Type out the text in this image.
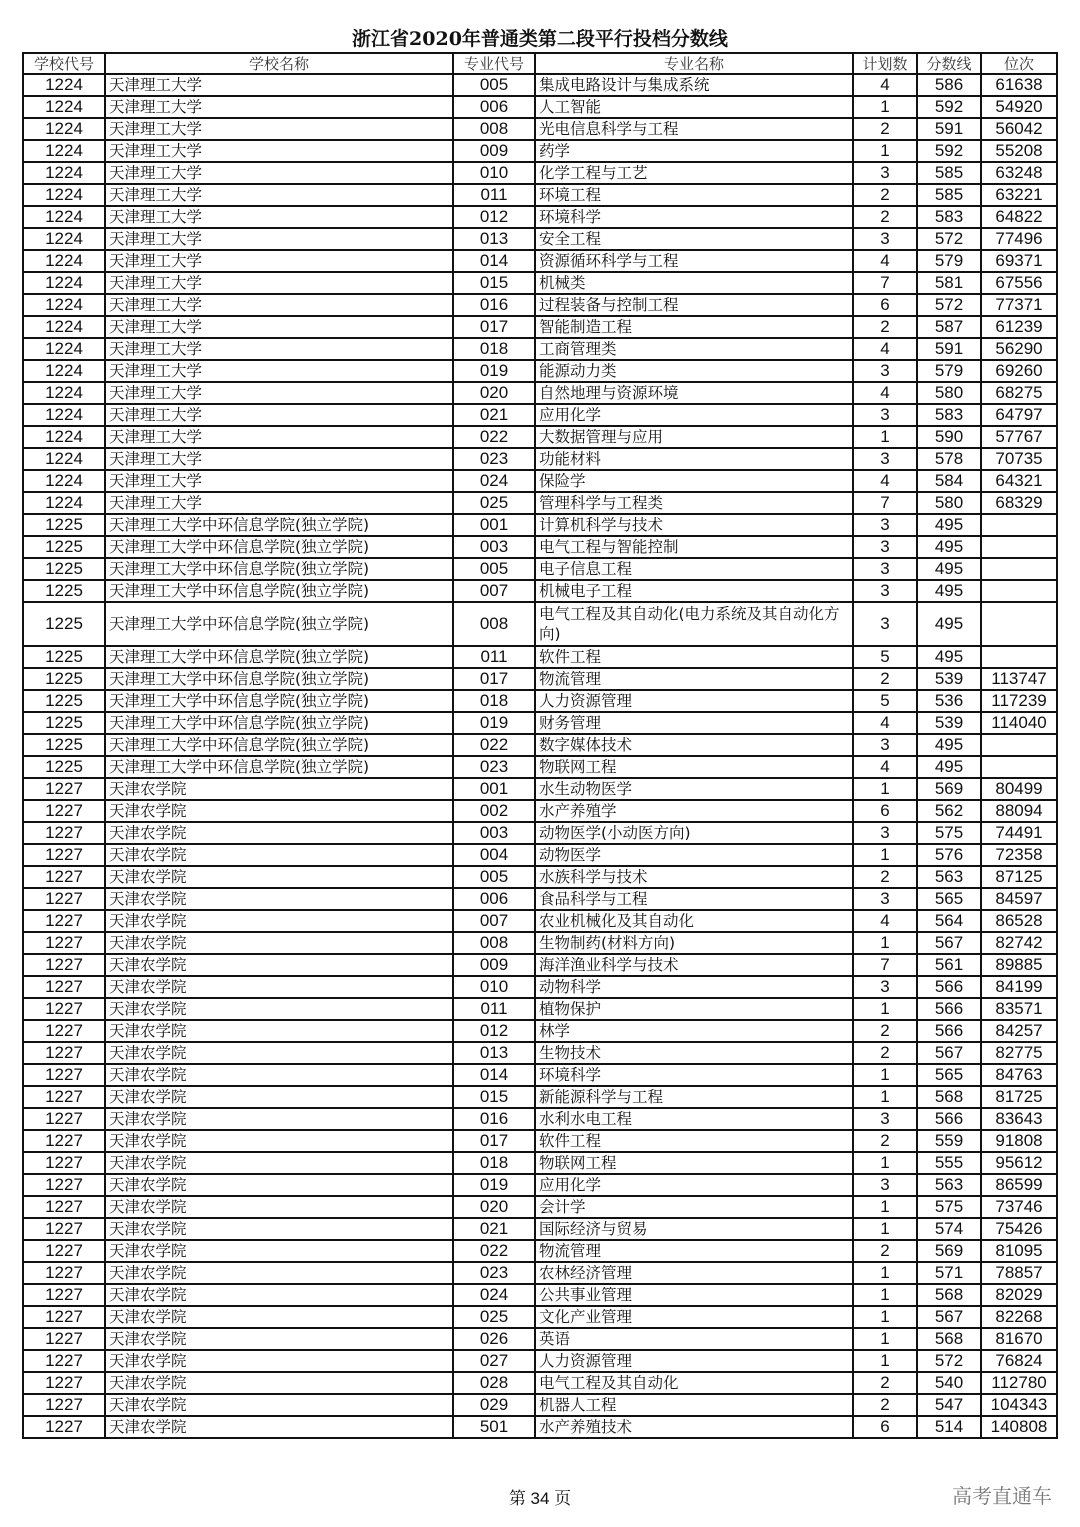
浙江省2020年普通类第二段平行投档分数线
学校代号	学校名称	专业代号	专业名称	计划数	分数线	位次
1224	天津理工大学	005	集成电路设计与集成系统	4	586	61638
1224	天津理工大学	006	人工智能	1	592	54920
1224	天津理工大学	008	光电信息科学与工程	2	591	56042
1224	天津理工大学	009	药学	1	592	55208
1224	天津理工大学	010	化学工程与工艺	3	585	63248
1224	天津理工大学	011	环境工程	2	585	63221
1224	天津理工大学	012	环境科学	2	583	64822
1224	天津理工大学	013	安全工程	3	572	77496
1224	天津理工大学	014	资源循环科学与工程	4	579	69371
1224	天津理工大学	015	机械类	7	581	67556
1224	天津理工大学	016	过程装备与控制工程	6	572	77371
1224	天津理工大学	017	智能制造工程	2	587	61239
1224	天津理工大学	018	工商管理类	4	591	56290
1224	天津理工大学	019	能源动力类	3	579	69260
1224	天津理工大学	020	自然地理与资源环境	4	580	68275
1224	天津理工大学	021	应用化学	3	583	64797
1224	天津理工大学	022	大数据管理与应用	1	590	57767
1224	天津理工大学	023	功能材料	3	578	70735
1224	天津理工大学	024	保险学	4	584	64321
1224	天津理工大学	025	管理科学与工程类	7	580	68329
1225	天津理工大学中环信息学院(独立学院)	001	计算机科学与技术	3	495	
1225	天津理工大学中环信息学院(独立学院)	003	电气工程与智能控制	3	495	
1225	天津理工大学中环信息学院(独立学院)	005	电子信息工程	3	495	
1225	天津理工大学中环信息学院(独立学院)	007	机械电子工程	3	495	
1225	天津理工大学中环信息学院(独立学院)	008	电气工程及其自动化(电力系统及其自动化方向)	3	495	
1225	天津理工大学中环信息学院(独立学院)	011	软件工程	5	495	
1225	天津理工大学中环信息学院(独立学院)	017	物流管理	2	539	113747
1225	天津理工大学中环信息学院(独立学院)	018	人力资源管理	5	536	117239
1225	天津理工大学中环信息学院(独立学院)	019	财务管理	4	539	114040
1225	天津理工大学中环信息学院(独立学院)	022	数字媒体技术	3	495	
1225	天津理工大学中环信息学院(独立学院)	023	物联网工程	4	495	
1227	天津农学院	001	水生动物医学	1	569	80499
1227	天津农学院	002	水产养殖学	6	562	88094
1227	天津农学院	003	动物医学(小动医方向)	3	575	74491
1227	天津农学院	004	动物医学	1	576	72358
1227	天津农学院	005	水族科学与技术	2	563	87125
1227	天津农学院	006	食品科学与工程	3	565	84597
1227	天津农学院	007	农业机械化及其自动化	4	564	86528
1227	天津农学院	008	生物制药(材料方向)	1	567	82742
1227	天津农学院	009	海洋渔业科学与技术	7	561	89885
1227	天津农学院	010	动物科学	3	566	84199
1227	天津农学院	011	植物保护	1	566	83571
1227	天津农学院	012	林学	2	566	84257
1227	天津农学院	013	生物技术	2	567	82775
1227	天津农学院	014	环境科学	1	565	84763
1227	天津农学院	015	新能源科学与工程	1	568	81725
1227	天津农学院	016	水利水电工程	3	566	83643
1227	天津农学院	017	软件工程	2	559	91808
1227	天津农学院	018	物联网工程	1	555	95612
1227	天津农学院	019	应用化学	3	563	86599
1227	天津农学院	020	会计学	1	575	73746
1227	天津农学院	021	国际经济与贸易	1	574	75426
1227	天津农学院	022	物流管理	2	569	81095
1227	天津农学院	023	农林经济管理	1	571	78857
1227	天津农学院	024	公共事业管理	1	568	82029
1227	天津农学院	025	文化产业管理	1	567	82268
1227	天津农学院	026	英语	1	568	81670
1227	天津农学院	027	人力资源管理	1	572	76824
1227	天津农学院	028	电气工程及其自动化	2	540	112780
1227	天津农学院	029	机器人工程	2	547	104343
1227	天津农学院	501	水产养殖技术	6	514	140808
第 34 页	高考直通车
